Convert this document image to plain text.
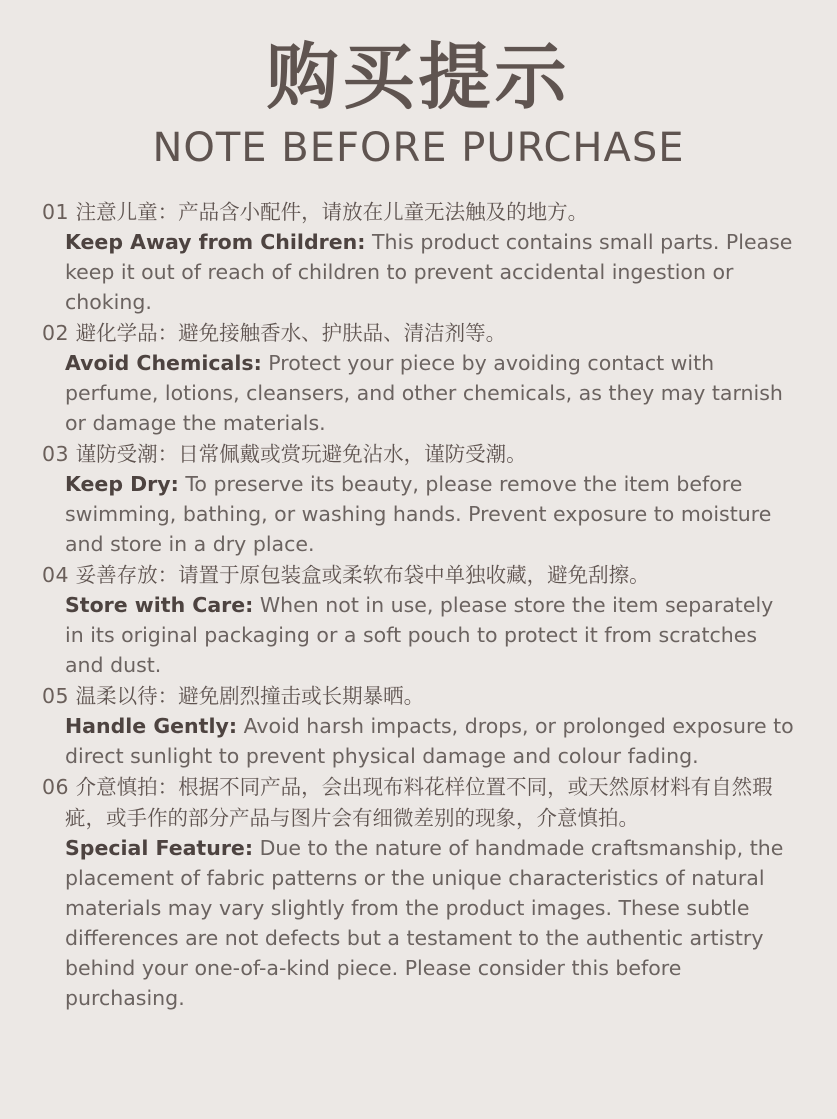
购买提示
NOTE BEFORE PURCHASE

01 注意儿童：产品含小配件，请放在儿童无法触及的地方。

Keep Away from Children: This product contains small parts. Please keep it out of reach of children to prevent accidental ingestion or choking.

02 避化学品：避免接触香水、护肤品、清洁剂等。

Avoid Chemicals: Protect your piece by avoiding contact with perfume, lotions, cleansers, and other chemicals, as they may tarnish or damage the materials.

03 谨防受潮：日常佩戴或赏玩避免沾水，谨防受潮。

Keep Dry: To preserve its beauty, please remove the item before swimming, bathing, or washing hands. Prevent exposure to moisture and store in a dry place.

04 妥善存放：请置于原包装盒或柔软布袋中单独收藏，避免刮擦。

Store with Care: When not in use, please store the item separately in its original packaging or a soft pouch to protect it from scratches and dust.

05 温柔以待：避免剧烈撞击或长期暴晒。

Handle Gently: Avoid harsh impacts, drops, or prolonged exposure to direct sunlight to prevent physical damage and colour fading.

06 介意慎拍：根据不同产品，会出现布料花样位置不同，或天然原材料有自然瑕疵，或手作的部分产品与图片会有细微差别的现象，介意慎拍。

Special Feature: Due to the nature of handmade craftsmanship, the placement of fabric patterns or the unique characteristics of natural materials may vary slightly from the product images. These subtle differences are not defects but a testament to the authentic artistry behind your one-of-a-kind piece. Please consider this before purchasing.
